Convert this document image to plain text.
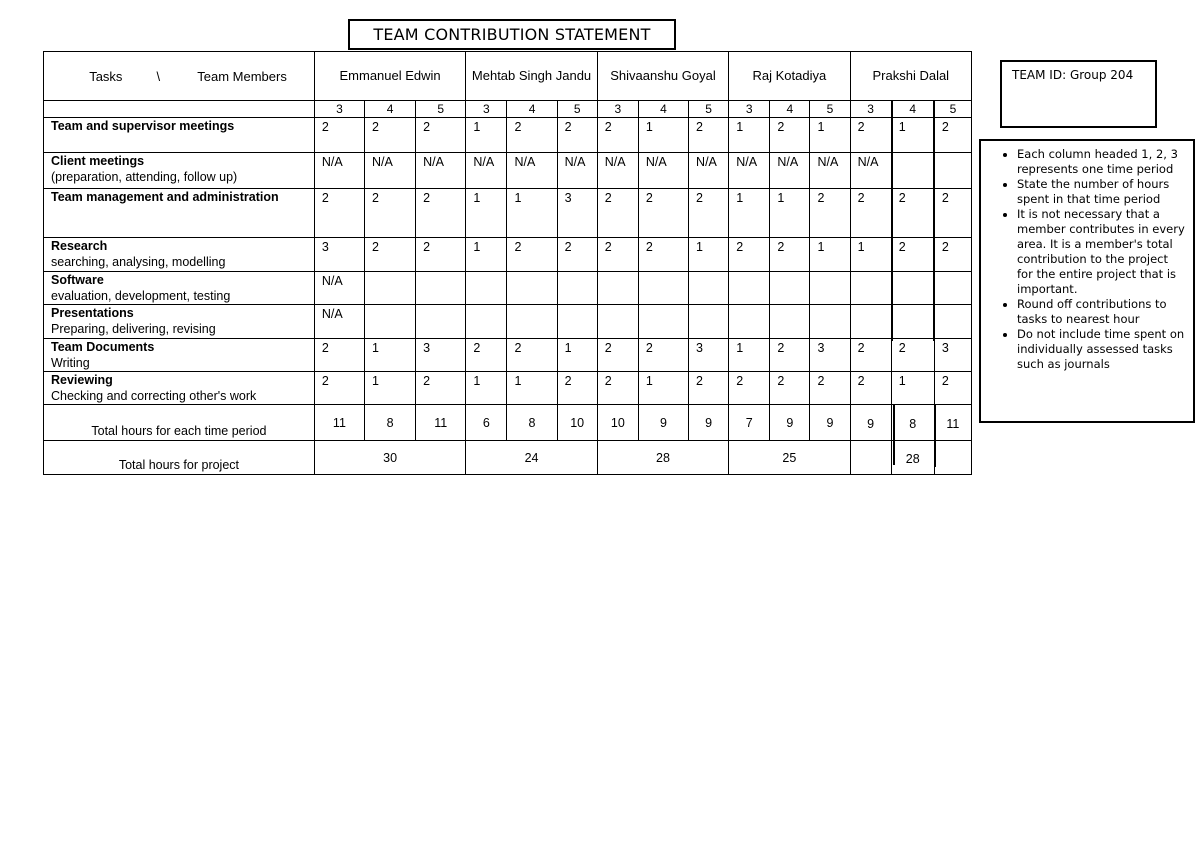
TEAM CONTRIBUTION STATEMENT
Tasks \ Team Members	Emmanuel Edwin			Mehtab Singh Jandu			Shivaanshu Goyal			Raj Kotadiya			Prakshi Dalal		
	3	4	5	3	4	5	3	4	5	3	4	5	3	4	5

Team and supervisor meetings	2	2	2	1	2	2	2	1	2	1	2	1	2	1	2

Client meetings
(preparation, attending, follow up)	N/A	N/A	N/A	N/A	N/A	N/A	N/A	N/A	N/A	N/A	N/A	N/A	N/A		

Team management and administration	2	2	2	1	1	3	2	2	2	1	1	2	2	2	2

Research
searching, analysing, modelling	3	2	2	1	2	2	2	2	1	2	2	1	1	2	2

Software
evaluation, development, testing	N/A														

Presentations
Preparing, delivering, revising	N/A														

Team Documents
Writing	2	1	3	2	2	1	2	2	3	1	2	3	2	2	3

Reviewing
Checking and correcting other's work	2	1	2	1	1	2	2	1	2	2	2	2	2	1	2
Total hours for each time period	11	8	11	6	8	10	10	9	9	7	9	9	9	8	11
Total hours for project	30			24			28			25				28	
TEAM ID: Group 204
• Each column headed 1, 2, 3 represents one time period
• State the number of hours spent in that time period
• It is not necessary that a member contributes in every area. It is a member's total contribution to the project for the entire project that is important.
• Round off contributions to tasks to nearest hour
• Do not include time spent on individually assessed tasks such as journals
